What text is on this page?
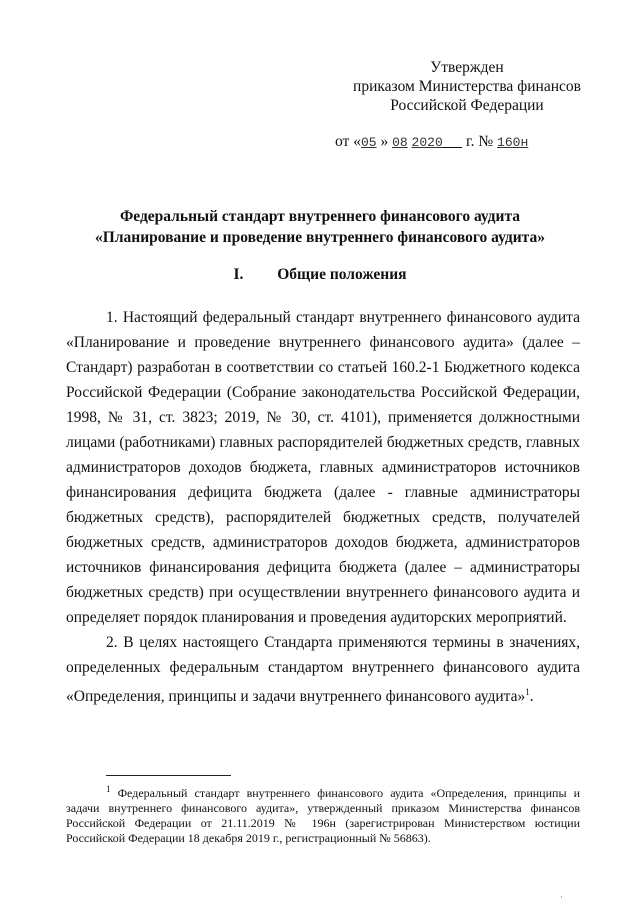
Утвержден
приказом Министерства финансов
Российской Федерации
от «05 » 08 2020 г. № 160н
Федеральный стандарт внутреннего финансового аудита
«Планирование и проведение внутреннего финансового аудита»
I. Общие положения

1. Настоящий федеральный стандарт внутреннего финансового аудита «Планирование и проведение внутреннего финансового аудита» (далее – Стандарт) разработан в соответствии со статьей 160.2-1 Бюджетного кодекса Российской Федерации (Собрание законодательства Российской Федерации, 1998, № 31, ст. 3823; 2019, № 30, ст. 4101), применяется должностными лицами (работниками) главных распорядителей бюджетных средств, главных администраторов доходов бюджета, главных администраторов источников финансирования дефицита бюджета (далее - главные администраторы бюджетных средств), распорядителей бюджетных средств, получателей бюджетных средств, администраторов доходов бюджета, администраторов источников финансирования дефицита бюджета (далее – администраторы бюджетных средств) при осуществлении внутреннего финансового аудита и определяет порядок планирования и проведения аудиторских мероприятий.

2. В целях настоящего Стандарта применяются термины в значениях, определенных федеральным стандартом внутреннего финансового аудита «Определения, принципы и задачи внутреннего финансового аудита»$^1$.

$^1$ Федеральный стандарт внутреннего финансового аудита «Определения, принципы и задачи внутреннего финансового аудита», утвержденный приказом Министерства финансов Российской Федерации от 21.11.2019 № 196н (зарегистрирован Министерством юстиции Российской Федерации 18 декабря 2019 г., регистрационный № 56863).

·
